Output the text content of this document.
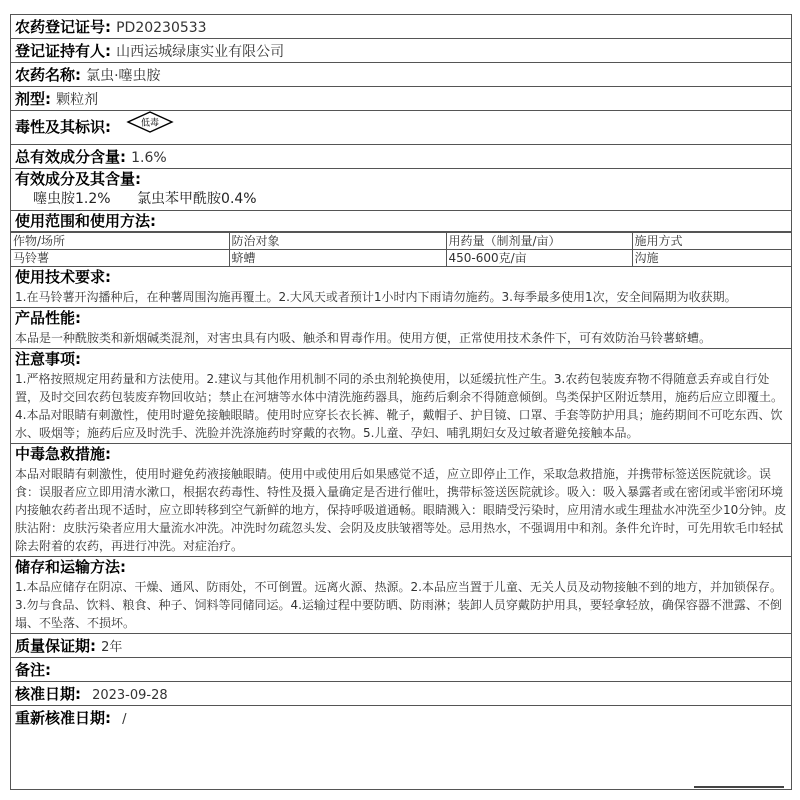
农药登记证号: PD20230533
登记证持有人: 山西运城绿康实业有限公司
农药名称: 氯虫·噻虫胺
剂型: 颗粒剂
毒性及其标识:	低毒
总有效成分含量: 1.6%
有效成分及其含量:
噻虫胺1.2% 氯虫苯甲酰胺0.4%
使用范围和使用方法:
作物/场所	防治对象	用药量（制剂量/亩）	施用方式
马铃薯	蛴螬	450-600克/亩	沟施
使用技术要求:
1.在马铃薯开沟播种后，在种薯周围沟施再覆土。2.大风天或者预计1小时内下雨请勿施药。3.每季最多使用1次，安全间隔期为收获期。
产品性能:
本品是一种酰胺类和新烟碱类混剂，对害虫具有内吸、触杀和胃毒作用。使用方便，正常使用技术条件下，可有效防治马铃薯蛴螬。
注意事项:
1.严格按照规定用药量和方法使用。2.建议与其他作用机制不同的杀虫剂轮换使用，以延缓抗性产生。3.农药包装废弃物不得随意丢弃或自行处置，及时交回农药包装废弃物回收站；禁止在河塘等水体中清洗施药器具，施药后剩余不得随意倾倒。鸟类保护区附近禁用，施药后应立即覆土。4.本品对眼睛有刺激性，使用时避免接触眼睛。使用时应穿长衣长裤、靴子，戴帽子、护目镜、口罩、手套等防护用具；施药期间不可吃东西、饮水、吸烟等；施药后应及时洗手、洗脸并洗涤施药时穿戴的衣物。5.儿童、孕妇、哺乳期妇女及过敏者避免接触本品。
中毒急救措施:
本品对眼睛有刺激性，使用时避免药液接触眼睛。使用中或使用后如果感觉不适，应立即停止工作，采取急救措施，并携带标签送医院就诊。误食：误服者应立即用清水漱口，根据农药毒性、特性及摄入量确定是否进行催吐，携带标签送医院就诊。吸入：吸入暴露者或在密闭或半密闭环境内接触农药者出现不适时，应立即转移到空气新鲜的地方，保持呼吸道通畅。眼睛溅入：眼睛受污染时，应用清水或生理盐水冲洗至少10分钟。皮肤沾附：皮肤污染者应用大量流水冲洗。冲洗时勿疏忽头发、会阴及皮肤皱褶等处。忌用热水，不强调用中和剂。条件允许时，可先用软毛巾轻拭除去附着的农药，再进行冲洗。对症治疗。
储存和运输方法:
1.本品应储存在阴凉、干燥、通风、防雨处，不可倒置。远离火源、热源。2.本品应当置于儿童、无关人员及动物接触不到的地方，并加锁保存。3.勿与食品、饮料、粮食、种子、饲料等同储同运。4.运输过程中要防晒、防雨淋；装卸人员穿戴防护用具，要轻拿轻放，确保容器不泄露、不倒塌、不坠落、不损坏。
质量保证期: 2年
备注:
核准日期: 2023-09-28
重新核准日期: /
